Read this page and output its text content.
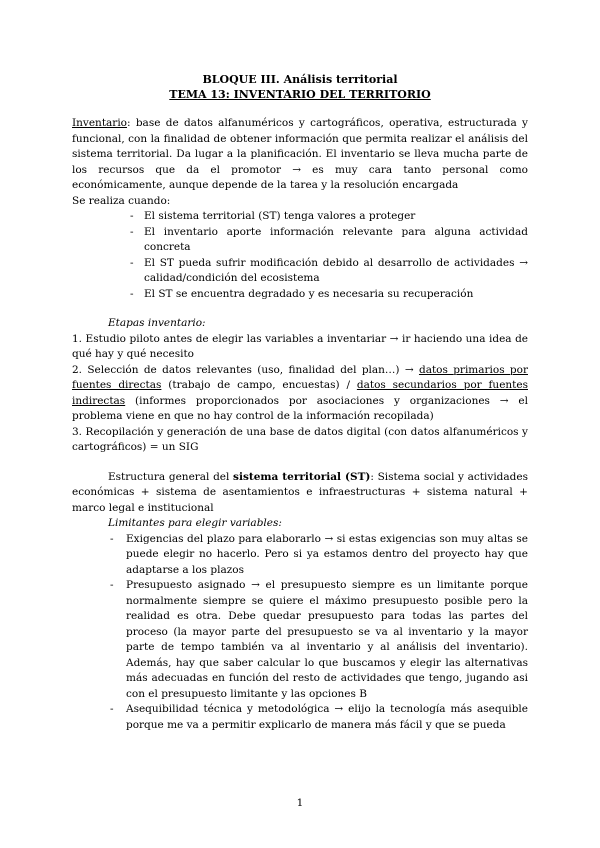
BLOQUE III. Análisis territorial

TEMA 13: INVENTARIO DEL TERRITORIO

Inventario: base de datos alfanuméricos y cartográficos, operativa, estructurada y funcional, con la finalidad de obtener información que permita realizar el análisis del sistema territorial. Da lugar a la planificación. El inventario se lleva mucha parte de los recursos que da el promotor → es muy cara tanto personal como económicamente, aunque depende de la tarea y la resolución encargada

Se realiza cuando:

- El sistema territorial (ST) tenga valores a proteger
- El inventario aporte información relevante para alguna actividad concreta
- El ST pueda sufrir modificación debido al desarrollo de actividades → calidad/condición del ecosistema
- El ST se encuentra degradado y es necesaria su recuperación

Etapas inventario:

1. Estudio piloto antes de elegir las variables a inventariar → ir haciendo una idea de qué hay y qué necesito

2. Selección de datos relevantes (uso, finalidad del plan…) → datos primarios por fuentes directas (trabajo de campo, encuestas) / datos secundarios por fuentes indirectas (informes proporcionados por asociaciones y organizaciones → el problema viene en que no hay control de la información recopilada)

3. Recopilación y generación de una base de datos digital (con datos alfanuméricos y cartográficos) = un SIG

Estructura general del sistema territorial (ST): Sistema social y actividades económicas + sistema de asentamientos e infraestructuras + sistema natural + marco legal e institucional

Limitantes para elegir variables:

- Exigencias del plazo para elaborarlo → si estas exigencias son muy altas se puede elegir no hacerlo. Pero si ya estamos dentro del proyecto hay que adaptarse a los plazos
- Presupuesto asignado → el presupuesto siempre es un limitante porque normalmente siempre se quiere el máximo presupuesto posible pero la realidad es otra. Debe quedar presupuesto para todas las partes del proceso (la mayor parte del presupuesto se va al inventario y la mayor parte de tempo también va al inventario y al análisis del inventario). Además, hay que saber calcular lo que buscamos y elegir las alternativas más adecuadas en función del resto de actividades que tengo, jugando asi con el presupuesto limitante y las opciones B
- Asequibilidad técnica y metodológica → elijo la tecnología más asequible porque me va a permitir explicarlo de manera más fácil y que se pueda
1
